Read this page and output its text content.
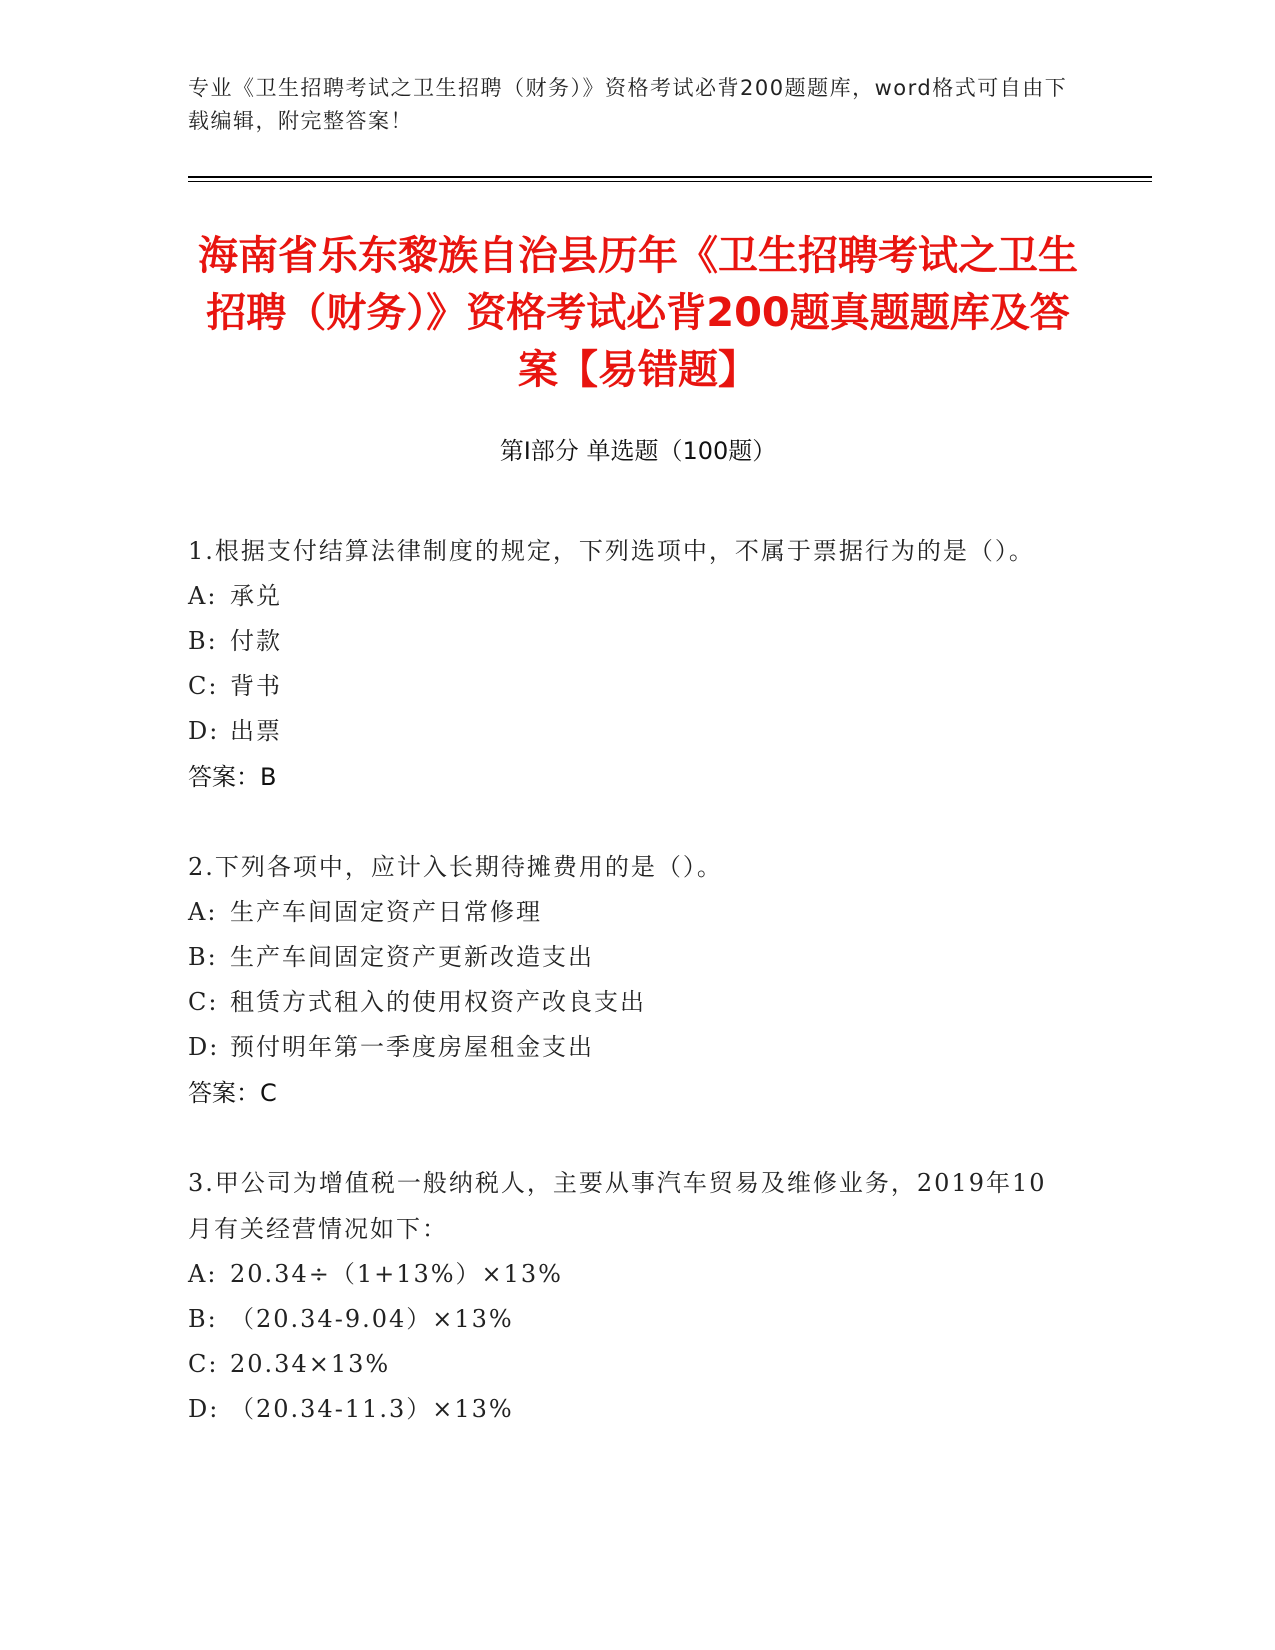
专业《卫生招聘考试之卫生招聘（财务）》资格考试必背200题题库，word格式可自由下载编辑，附完整答案！
海南省乐东黎族自治县历年《卫生招聘考试之卫生招聘（财务）》资格考试必背200题真题题库及答案【易错题】
第I部分 单选题（100题）
1.根据支付结算法律制度的规定，下列选项中，不属于票据行为的是（）。
A: 承兑
B: 付款
C: 背书
D: 出票
答案：B
2.下列各项中，应计入长期待摊费用的是（）。
A: 生产车间固定资产日常修理
B: 生产车间固定资产更新改造支出
C: 租赁方式租入的使用权资产改良支出
D: 预付明年第一季度房屋租金支出
答案：C
3.甲公司为增值税一般纳税人，主要从事汽车贸易及维修业务，2019年10月有关经营情况如下：
A: 20.34÷（1+13%）×13%
B: （20.34-9.04）×13%
C: 20.34×13%
D: （20.34-11.3）×13%
